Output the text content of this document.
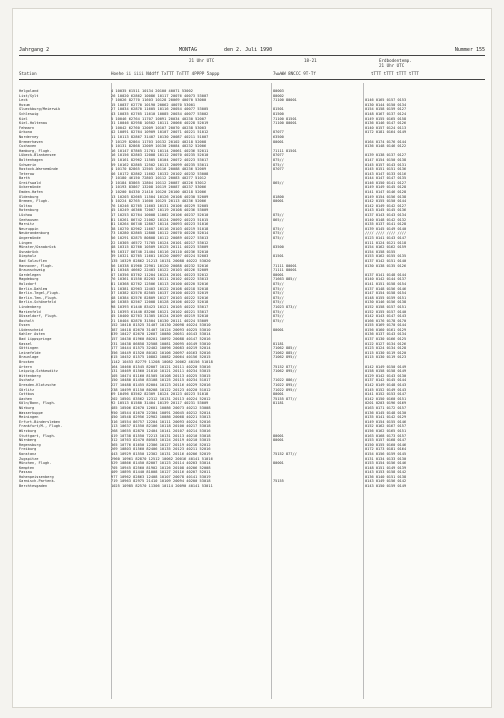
Jahrgang 2	MONTAG	den 2. Juli 1990	Nummer 155
21 Uhr UTC	18-21	Erdbodentemp.
21 Uhr UTC
Station	Hoehe ii iiii Nddff TxTTT TnTTT 4PPPP 5appp	7wwWW 8NCCC 9T-Tf	tTTT tTTT tTTT tTTT
Helgoland	4 10035 61511 10134 20100 40071 53002	80003
List/Sylt	26 10020 62862 10086 10117 20076 40073 53007	80002
Leck	7 10026 82770 11603 10128 20069 40070 53000	71100 80001	0146 0165 0157 0153
Husum	15 10037 62770 10190 20062 40070 53001	0130 0144 0150 0134
Glueckburg/Meierwik	27 10034 62870 11605 10116 20054 40077 53005	81501	0154 0158 0159 0127
Schleswig	43 10035 62765 11610 10085 20034 40077 53002	81500	0148 0167 0137 0124
Kiel	5 10046 62764 11707 10091 20034 40230 52007	71100 81501	0149 0155 0165 0158
Kiel-Holtenau	31 10046 82958 10502 10111 20066 40228 52019	71100 80001	0136 0146 0147 0126
Fehmarn	3 10042 62760 12009 10107 20070 40238 53003	0140 0157 0124 0113
Arkona	42 10091 82764 10909 10107 20071 40221 51012	87077	0172 0181 0164 0149
Norderney	11 10113 82867 31407 10130 20087 40211 51007	63500
Bremerhaven	7 10129 82864 11703 10132 20102 40218 52008	80001	0164 0174 0176 0144
Cuxhaven	5 10131 82868 12009 10130 20084 40232 52006	0136 0148 0146 0122
Hamburg, Flugh.	16 10147 87865 21701 10114 20061 40236 52011	71111 81501
Lübeck-Blankensee	16 10156 82863 12008 10112 20070 40235 52010	87077	0139 0138 0137 0127
Boltenhagen	15 10161 82962 11505 10104 20072 40223 53017	875//	0147 0154 0150 0138
Schwerin	59 10162 82865 12502 10113 20099 40235 53011	875//	0145 0157 0143 0131
Rostock-Warnemünde	4 10170 82865 12505 10116 20088 40236 52009	87077	0145 0151 0151 0136
Teterow	46 10172 82862 11602 10132 20102 40232 53008	0143 0147 0133 0116
Barth	7 10180 46150 72803 10112 20083 40277 51012	0144 0147 0147 0135
Greifswald	2 10184 83865 12804 10112 20087 40226 53012	865//	0146 0150 0141 0127
Ückermünde	1 10193 83867 13208 10119 20087 40237 53006	0149 0149 0145 0128
Emden-Hafen	2 10200 84330 21410 10120 20100 40218 52006	0141 0147 0146 0128
Oldenburg	13 10203 82665 11504 10126 20108 40230 52009	81800	0149 0154 0156 0138
Bremen, Flugh.	5 10224 82765 11600 10125 20113 40236 52006	80001	0142 0155 0150 0144
Soltau	76 10246 82765 11603 10131 20106 40229 52005	0142 0149 0142 0127
Rotenburg	45 10249 46360 72007 10119 20108 40236 53009	0143 0145 0145 0136
Lüchow	17 10253 82764 10008 11002 20106 40237 52010	875//	0137 0143 0143 0134
Seehausen	81 10261 86742 21002 10124 20092 40223 51015	865//	0140 0148 0142 0132
Marnitz	81 10264 86740 12807 10114 20093 40223 51016	0135 0137 0141 0128
Neuruppin	38 10270 82962 11607 10116 20103 40219 51018	875//	0139 0145 0149 0140
Neubrandenburg	73 10280 82865 12808 10112 20070 40220 52014	875//	//// //// //// ////
Angermünde	56 10291 82875 80808 10112 20089 40227 53013	875//	0123 0141 0143 0147
Lingen	22 10305 46572 71705 10124 20101 40217 53012	0111 0124 0121 0118
Münster/Osnabrück	48 10315 82760 10509 10125 20111 40223 53009	83500	0154 0162 0162 0159
Osnabrück	95 10317 86740 21404 10116 20110 40236 52010	0154 0158 0155
Diepholz	39 10321 82765 11601 10120 20097 40224 52003	81501	0153 0162 0155 0135
Bad Salzuflen	135 10329 82862 21213 10131 20088 40222 53020	0137 0142 0151 0140
Hannover, Flugh.	56 10338 81960 22901 10120 20088 40232 52016	71111 80001	0130 0138 0135 0126
Braunschweig	81 10348 46662 22403 10122 20103 40226 52009	71111 80001
Gardelegen	47 10356 83762 11204 10124 20101 40223 52012	80001	0137 0141 0148 0144
Magdeburg	76 10361 81550 82203 10111 20102 40222 53013	71663 885//	0140 0142 0144 0137
Holzdorf	81 10368 82762 12506 10113 20100 40220 52016	875//	0141 0151 0158 0154
Berlin-Dahlem	51 10381 82963 12403 10122 20108 40218 52018	875//	0137 0148 0156 0146
Berlin-Tegel,Flugh.	37 10382 82570 82505 10137 20100 40223 52019	875//	0147 0154 0158 0154
Berlin-Tem.,Flugh.	48 10384 82576 82809 10127 20103 40222 52016	875//	0148 0155 0159 0151
Berlin-Schönefeld	46 10385 82567 12008 10128 20106 40222 52018	875//	0130 0146 0156 0138
Lindenberg	98 10393 61440 83423 10121 20105 40222 53017	71023 873//	0152 0158 0157 0151
Marienfeld	31 10393 61440 83206 10121 20102 40221 53017	875//	0152 0155 0157 0140
Düsseldorf, Flugh.	45 10400 82763 31305 10124 20109 40219 52010	875//	0142 0143 0147 0143
Bocholt	21 10404 82870 31504 10130 20111 40224 53009	875//	0166 0176 0178 0170
Essen	152 10410 81525 31407 10130 20098 40224 53010	0155 0169 0170 0144
Lüdenscheid	387 10418 82670 31407 10124 20093 40225 53010	80001	0156 0160 0161 0129
Kahler Asten	839 10427 82670 12607 10080 20051 40143 53014	0136 0137 0143 0134
Bad Lippspringe	157 10430 81960 80201 10092 20088 40147 52016	0137 0130 0166 0125
Kassel	231 10438 86858 32508 10081 20095 40149 53010	81181	0122 0127 0134 0126
Göttingen	177 10444 81575 32402 10096 20083 40219 52014	71062 885//	0123 0124 0134 0128
Leinefelde	356 10449 81520 80102 10106 20097 40163 52016	71062 885//	0115 0130 0119 0120
Braunlage	615 10452 81575 10802 10082 20064 40156 52015	71062 895//	0115 0130 0119 0123
Brocken	1142 10453 82779 11208 10082 20062 40156 51018
Artern	164 10460 81545 82007 10121 20111 40220 53016	75152 877//	0142 0149 0150 0149
Leipzig-Schkeuditz	131 10469 81560 21010 10121 20111 40234 53015	71062 895//	0158 0158 0158 0149
Wittenberg	105 10474 81160 81505 10108 20113 40225 53015	0129 0142 0143 0130
Oschatz	150 10480 81450 83108 10125 20115 40234 51017	71022 886//	0137 0142 0145 0144
Dresden-Klotzsche	227 10488 81455 82004 10123 20116 40229 52016	71022 895//	0142 0149 0148 0143
Görlitz	238 10499 81150 80208 10122 20123 40220 51012	71022 895//	0145 0152 0149 0143
Cottbus	69 10496 83562 82309 10124 20123 40223 51018	80001	0141 0152 0153 0147
Aachen	202 10501 83562 12312 10131 20113 40224 52012	75155 877//	0142 0150 0160 0151
Köln/Bonn, Flugh.	92 10513 81580 31404 10139 20117 40231 53009	81181	0201 0203 0196 0169
Nürburg	485 10506 82670 12601 10086 20073 40212 53008	0163 0171 0172 0157
Wasserkuppe	950 10544 81670 22304 10091 20045 40212 52014	0136 0145 0148 0130
Meiningen	450 10548 82956 22902 10086 20068 40221 53013	0135 0141 0142 0129
Erfurt-Bindersleben	316 10554 86757 12204 10111 20093 40224 52016	0149 0154 0155 0146
Frankfurt/M., Flugh.	113 10637 81550 82106 10118 20100 40217 53018	0152 0162 0167 0157
Würzburg	268 10655 82870 12404 10141 20107 40214 53016	0156 0162 0165 0151
Stuttgart, Flugh.	419 10738 81550 72213 10131 20113 40210 53018	80001	0163 0168 0173 0157
Nürnberg	312 10763 82470 80503 10124 20119 40210 53015	80001	0153 0157 0168 0147
Regensburg	365 10776 81650 12306 10127 20119 40216 52012	0150 0155 0160 0146
Freiburg	269 10803 81560 82406 10135 20123 40211 52016	0172 0173 0181 0164
Konstanz	443 10929 81550 12302 10131 20116 40206 52019	75152 877//	0154 0156 0159 0145
Zugspitze	2960 10961 82870 12512 10062 20016 40141 51016	0131 0134 0133 0130
München, Flugh.	529 10866 81450 82007 10123 20114 40203 53014	80001	0153 0154 0156 0146
Kempten	705 10945 82560 81902 10126 20108 40206 52008	0148 0151 0149 0139
Passau	409 10895 81440 81008 10127 20116 40207 52011	0143 0153 0158 0142
Hohenpeissenberg	977 10962 82863 12408 10107 20078 40141 53019	0136 0140 0151 0138
Garmisch-Partenk.	719 10963 82975 21410 10109 20094 40200 53018	75155	0143 0149 0156 0142
Berchtesgaden	1025 10985 82570 11306 10114 20090 40141 53011	0143 0150 0159 0149
